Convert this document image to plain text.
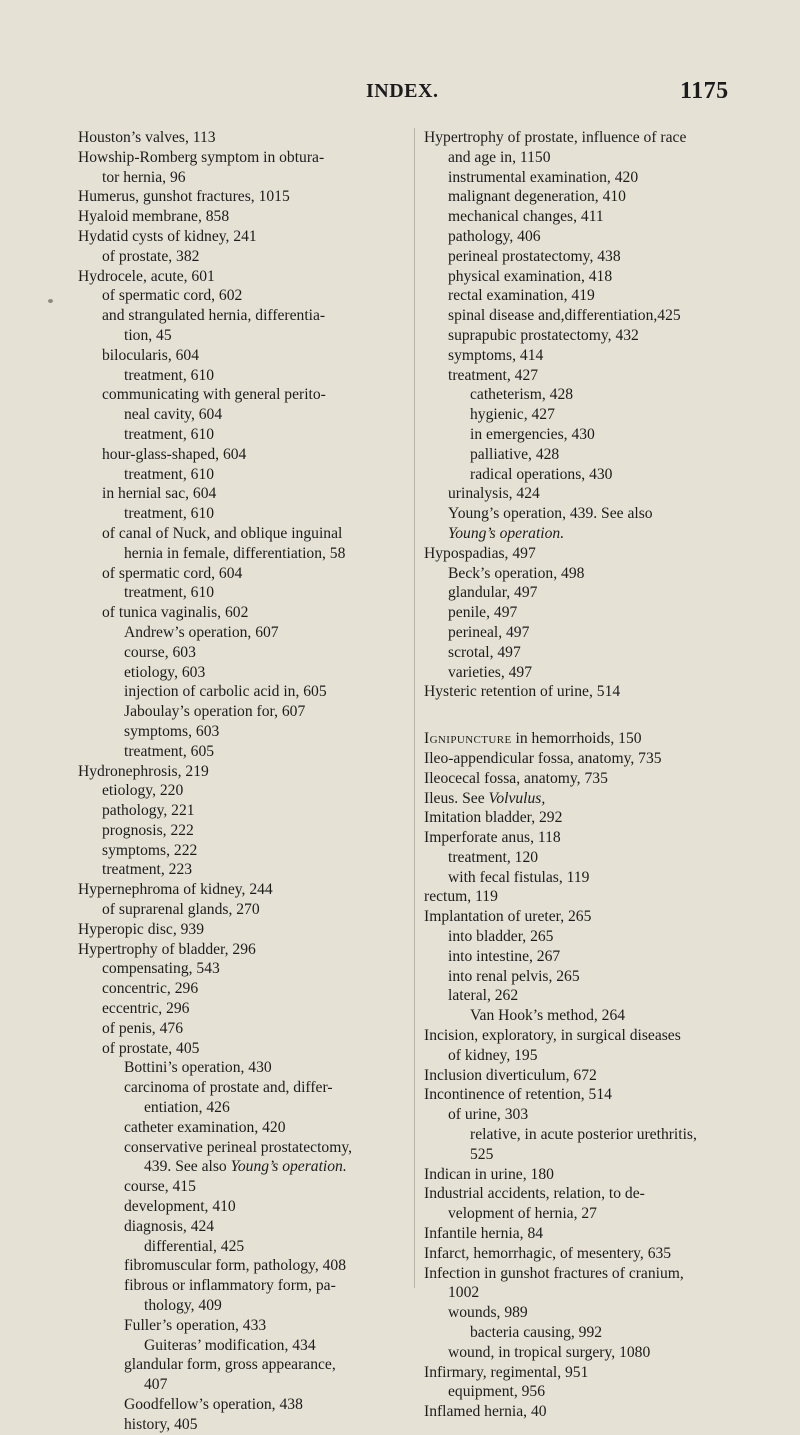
INDEX.	1175
Houston’s valves, 113
Howship-Romberg symptom in obtura-
tor hernia, 96
Humerus, gunshot fractures, 1015
Hyaloid membrane, 858
Hydatid cysts of kidney, 241
of prostate, 382
Hydrocele, acute, 601
of spermatic cord, 602
and strangulated hernia, differentia-
tion, 45
bilocularis, 604
treatment, 610
communicating with general perito-
neal cavity, 604
treatment, 610
hour-glass-shaped, 604
treatment, 610
in hernial sac, 604
treatment, 610
of canal of Nuck, and oblique inguinal
hernia in female, differentiation, 58
of spermatic cord, 604
treatment, 610
of tunica vaginalis, 602
Andrew’s operation, 607
course, 603
etiology, 603
injection of carbolic acid in, 605
Jaboulay’s operation for, 607
symptoms, 603
treatment, 605
Hydronephrosis, 219
etiology, 220
pathology, 221
prognosis, 222
symptoms, 222
treatment, 223
Hypernephroma of kidney, 244
of suprarenal glands, 270
Hyperopic disc, 939
Hypertrophy of bladder, 296
compensating, 543
concentric, 296
eccentric, 296
of penis, 476
of prostate, 405
Bottini’s operation, 430
carcinoma of prostate and, differ-
entiation, 426
catheter examination, 420
conservative perineal prostatectomy,
439. See also Young’s operation.
course, 415
development, 410
diagnosis, 424
differential, 425
fibromuscular form, pathology, 408
fibrous or inflammatory form, pa-
thology, 409
Fuller’s operation, 433
Guiteras’ modification, 434
glandular form, gross appearance,
407
Goodfellow’s operation, 438
history, 405
Hypertrophy of prostate, influence of race
and age in, 1150
instrumental examination, 420
malignant degeneration, 410
mechanical changes, 411
pathology, 406
perineal prostatectomy, 438
physical examination, 418
rectal examination, 419
spinal disease and,differentiation,425
suprapubic prostatectomy, 432
symptoms, 414
treatment, 427
catheterism, 428
hygienic, 427
in emergencies, 430
palliative, 428
radical operations, 430
urinalysis, 424
Young’s operation, 439. See also
Young’s operation.
Hypospadias, 497
Beck’s operation, 498
glandular, 497
penile, 497
perineal, 497
scrotal, 497
varieties, 497
Hysteric retention of urine, 514
Ignipuncture in hemorrhoids, 150
Ileo-appendicular fossa, anatomy, 735
Ileocecal fossa, anatomy, 735
Ileus. See Volvulus,
Imitation bladder, 292
Imperforate anus, 118
treatment, 120
with fecal fistulas, 119
rectum, 119
Implantation of ureter, 265
into bladder, 265
into intestine, 267
into renal pelvis, 265
lateral, 262
Van Hook’s method, 264
Incision, exploratory, in surgical diseases
of kidney, 195
Inclusion diverticulum, 672
Incontinence of retention, 514
of urine, 303
relative, in acute posterior urethritis,
525
Indican in urine, 180
Industrial accidents, relation, to de-
velopment of hernia, 27
Infantile hernia, 84
Infarct, hemorrhagic, of mesentery, 635
Infection in gunshot fractures of cranium,
1002
wounds, 989
bacteria causing, 992
wound, in tropical surgery, 1080
Infirmary, regimental, 951
equipment, 956
Inflamed hernia, 40
